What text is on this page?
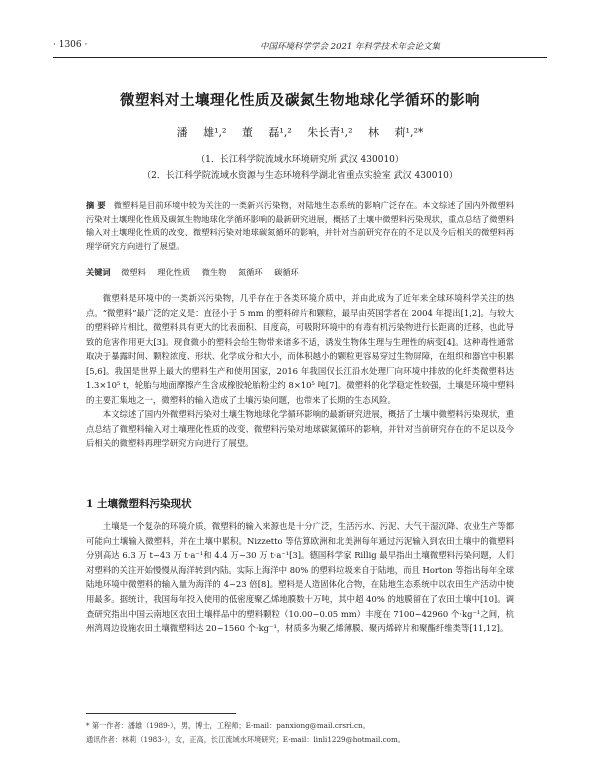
· 1306 ·	中国环境科学学会 2021 年科学技术年会论文集
微塑料对土壤理化性质及碳氮生物地球化学循环的影响
潘 雄¹,² 董 磊¹,² 朱长青¹,² 林 莉¹,²*
（1．长江科学院流域水环境研究所 武汉 430010）
（2．长江科学院流域水资源与生态环境科学湖北省重点实验室 武汉 430010）
摘 要 微塑料是目前环境中较为关注的一类新兴污染物，对陆地生态系统的影响广泛存在。本文综述了国内外微塑料污染对土壤理化性质及碳氮生物地球化学循环影响的最新研究进展，概括了土壤中微塑料污染现状，重点总结了微塑料输入对土壤理化性质的改变、微塑料污染对地球碳氮循环的影响，并针对当前研究存在的不足以及今后相关的微塑料再理学研究方向进行了展望。
关键词 微塑料 理化性质 微生物 氮循环 碳循环

微塑料是环境中的一类新兴污染物，几乎存在于各类环境介质中，并由此成为了近年来全球环境科学关注的热点。“微塑料”最广泛的定义是：直径小于 5 mm 的塑料碎片和颗粒，最早由英国学者在 2004 年提出[1,2]。与较大的塑料碎片相比，微塑料具有更大的比表面积、目度高，可吸附环境中的有毒有机污染物进行长距离的迁移，也此导致的危害作用更大[3]。现食微小的塑料会给生物带来诸多不适，诱发生物体生理与生理性的病变[4]。这种毒性通常取决于暴露时间、颗粒浓度、形状、化学成分和大小，而体积越小的颗粒更容易穿过生物屏障，在组织和器官中积累[5,6]。我国是世界上最大的塑料生产和使用国家，2016 年我国仅长江沿水处理厂向环境中排放的化纤类微塑料达 1.3×10⁵ t，轮胎与地面摩擦产生含成橡胶轮胎粉尘约 8×10⁵ 吨[7]。微塑料的化学稳定性较强，土壤是环境中塑料的主要汇集地之一，微塑料的输入造成了土壤污染问题，也带来了长期的生态风险。

本文综述了国内外微塑料污染对土壤生物地球化学循环影响的最新研究进展，概括了土壤中微塑料污染现状，重点总结了微塑料输入对土壤理化性质的改变、微塑料污染对地球碳氮循环的影响，并针对当前研究存在的不足以及今后相关的微塑料再理学研究方向进行了展望。

1 土壤微塑料污染现状

土壤是一个复杂的环境介质，微塑料的输入来源也是十分广泛，生活污水、污泥、大气干湿沉降、农业生产等都可能向土壤输入微塑料，并在土壤中累积。Nizzetto 等估算欧洲和北美洲每年通过污泥输入到农田土壤中的微塑料分别高达 6.3 万 t~43 万 t·a⁻¹和 4.4 万~30 万 t·a⁻¹[3]。德国科学家 Rillig 最早指出土壤微塑料污染问题，人们对塑料的关注开始慢慢从海洋转到内陆。实际上海洋中 80% 的塑料垃圾来自于陆地，而且 Horton 等指出每年全球陆地环境中微塑料的输入量为海洋的 4~23 倍[8]。塑料是人造固体化合物，在陆地生态系统中以农田生产活动中使用最多。据统计，我国每年投入使用的低密度聚乙烯地膜数十万吨，其中超 40% 的地膜留在了农田土壤中[10]。调查研究指出中国云南地区农田土壤样品中的塑料颗粒（10.00~0.05 mm）丰度在 7100~42960 个·kg⁻¹之间，杭州湾周边设施农田土壤微塑料达 20~1560 个·kg⁻¹，材质多为聚乙烯薄膜、聚丙烯碎片和聚酯纤维类等[11,12]。

* 第一作者：潘雄（1989-），男，博士，工程师；E-mail：panxiong@mail.crsri.cn。
通讯作者：林莉（1983-），女，正高，长江流域水环境研究；E-mail：linli1229@hotmail.com。
